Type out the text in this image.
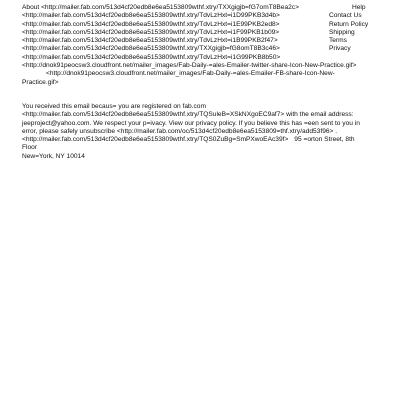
About <http://mailer.fab.com/513d4cf20edb8e6ea5153809wthf.xtry/TXXgigjb=fG7omT8Bea2c>	Help
<http://mailer.fab.com/513d4cf20edb8e6ea5153809wthf.xtry/TdvLzHxt=i1D99PKB3d4b>	Contact Us
<http://mailer.fab.com/513d4cf20edb8e6ea5153809wthf.xtry/TdvLzHxt=i1E99PKB2ed8>	Return Policy
<http://mailer.fab.com/513d4cf20edb8e6ea5153809wthf.xtry/TdvLzHxt=i1F99PKB1b09>	Shipping
<http://mailer.fab.com/513d4cf20edb8e6ea5153809wthf.xtry/TdvLzHxt=i1B99PKB2f47>	Terms
<http://mailer.fab.com/513d4cf20edb8e6ea5153809wthf.xtry/TXXgigjb=fG8omT8B3c46>	Privacy
<http://mailer.fab.com/513d4cf20edb8e6ea5153809wthf.xtry/TdvLzHxt=i1G99PKB8b50>
<http://dnok91peocsw3.cloudfront.net/mailer_images/Fab-Daily-=ales-Emailer-twitter-share-Icon-New-Practice.gif>
<http://dnok91peocsw3.cloudfront.net/mailer_images/Fab-Daily-=ales-Emailer-FB-share-Icon-New-
Practice.gif>
You received this email becaus= you are registered on fab.com
<http://mailer.fab.com/513d4cf20edb8e6ea5153809wthf.xtry/TQSuleB=XSkNXgoEC9af7> with the email address:
jeeproject@yahoo.com. We respect your p=ivacy. View our privacy policy. If you believe this has =een sent to you in
error, please safely unsubscribe <http://mailer.fab.com/oc/513d4cf20edb8e6ea5153809=thf.xtry/add53f96> .
<http://mailer.fab.com/513d4cf20edb8e6ea5153809wthf.xtry/TQS0ZuBg=SmPXwoEAc39f> 95 =orton Street, 8th
Floor
New=York, NY 10014
